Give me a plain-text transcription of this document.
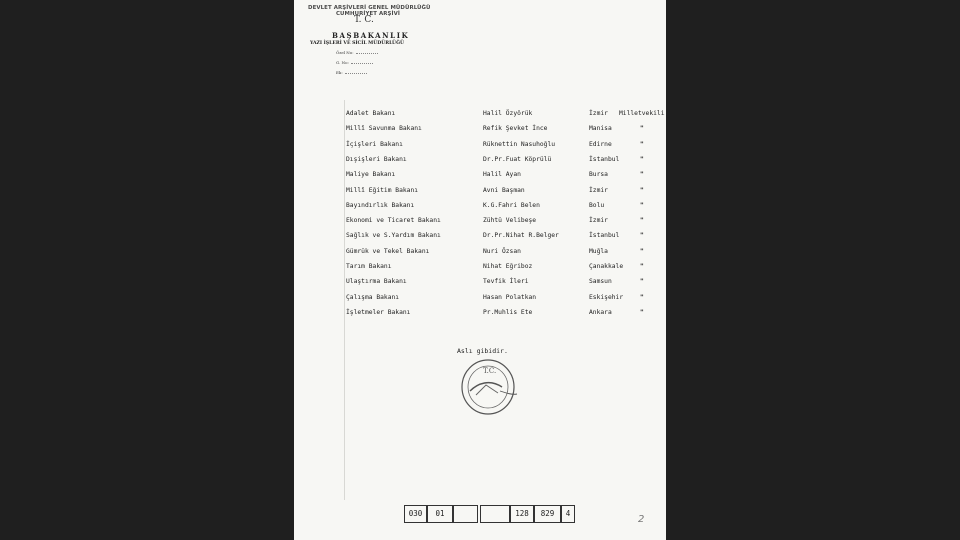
DEVLET ARŞİVLERİ GENEL MÜDÜRLÜĞÜ
CUMHURİYET ARŞİVİ
T. C.
BAŞBAKANLIK
YAZI İŞLERİ VE SİCİL MÜDÜRLÜĞÜ
Özel No:
G. No:
Ek:
Adalet Bakanı	Halil Özyörük	İzmir Milletvekili
Millî Savunma Bakanı	Refik Şevket İnce	Manisa	"
İçişleri Bakanı	Rüknettin Nasuhoğlu	Edirne	"
Dışişleri Bakanı	Dr.Pr.Fuat Köprülü	İstanbul	"
Maliye Bakanı	Halil Ayan	Bursa	"
Millî Eğitim Bakanı	Avni Başman	İzmir	"
Bayındırlık Bakanı	K.G.Fahri Belen	Bolu	"
Ekonomi ve Ticaret Bakanı	Zühtü Velibeşe	İzmir	"
Sağlık ve S.Yardım Bakanı	Dr.Pr.Nihat R.Belger	İstanbul	"
Gümrük ve Tekel Bakanı	Nuri Özsan	Muğla	"
Tarım Bakanı	Nihat Eğriboz	Çanakkale	"
Ulaştırma Bakanı	Tevfik İleri	Samsun	"
Çalışma Bakanı	Hasan Polatkan	Eskişehir	"
İşletmeler Bakanı	Pr.Muhlis Ete	Ankara	"
Aslı gibidir.
T.C.
030	01	128	829	4
2
